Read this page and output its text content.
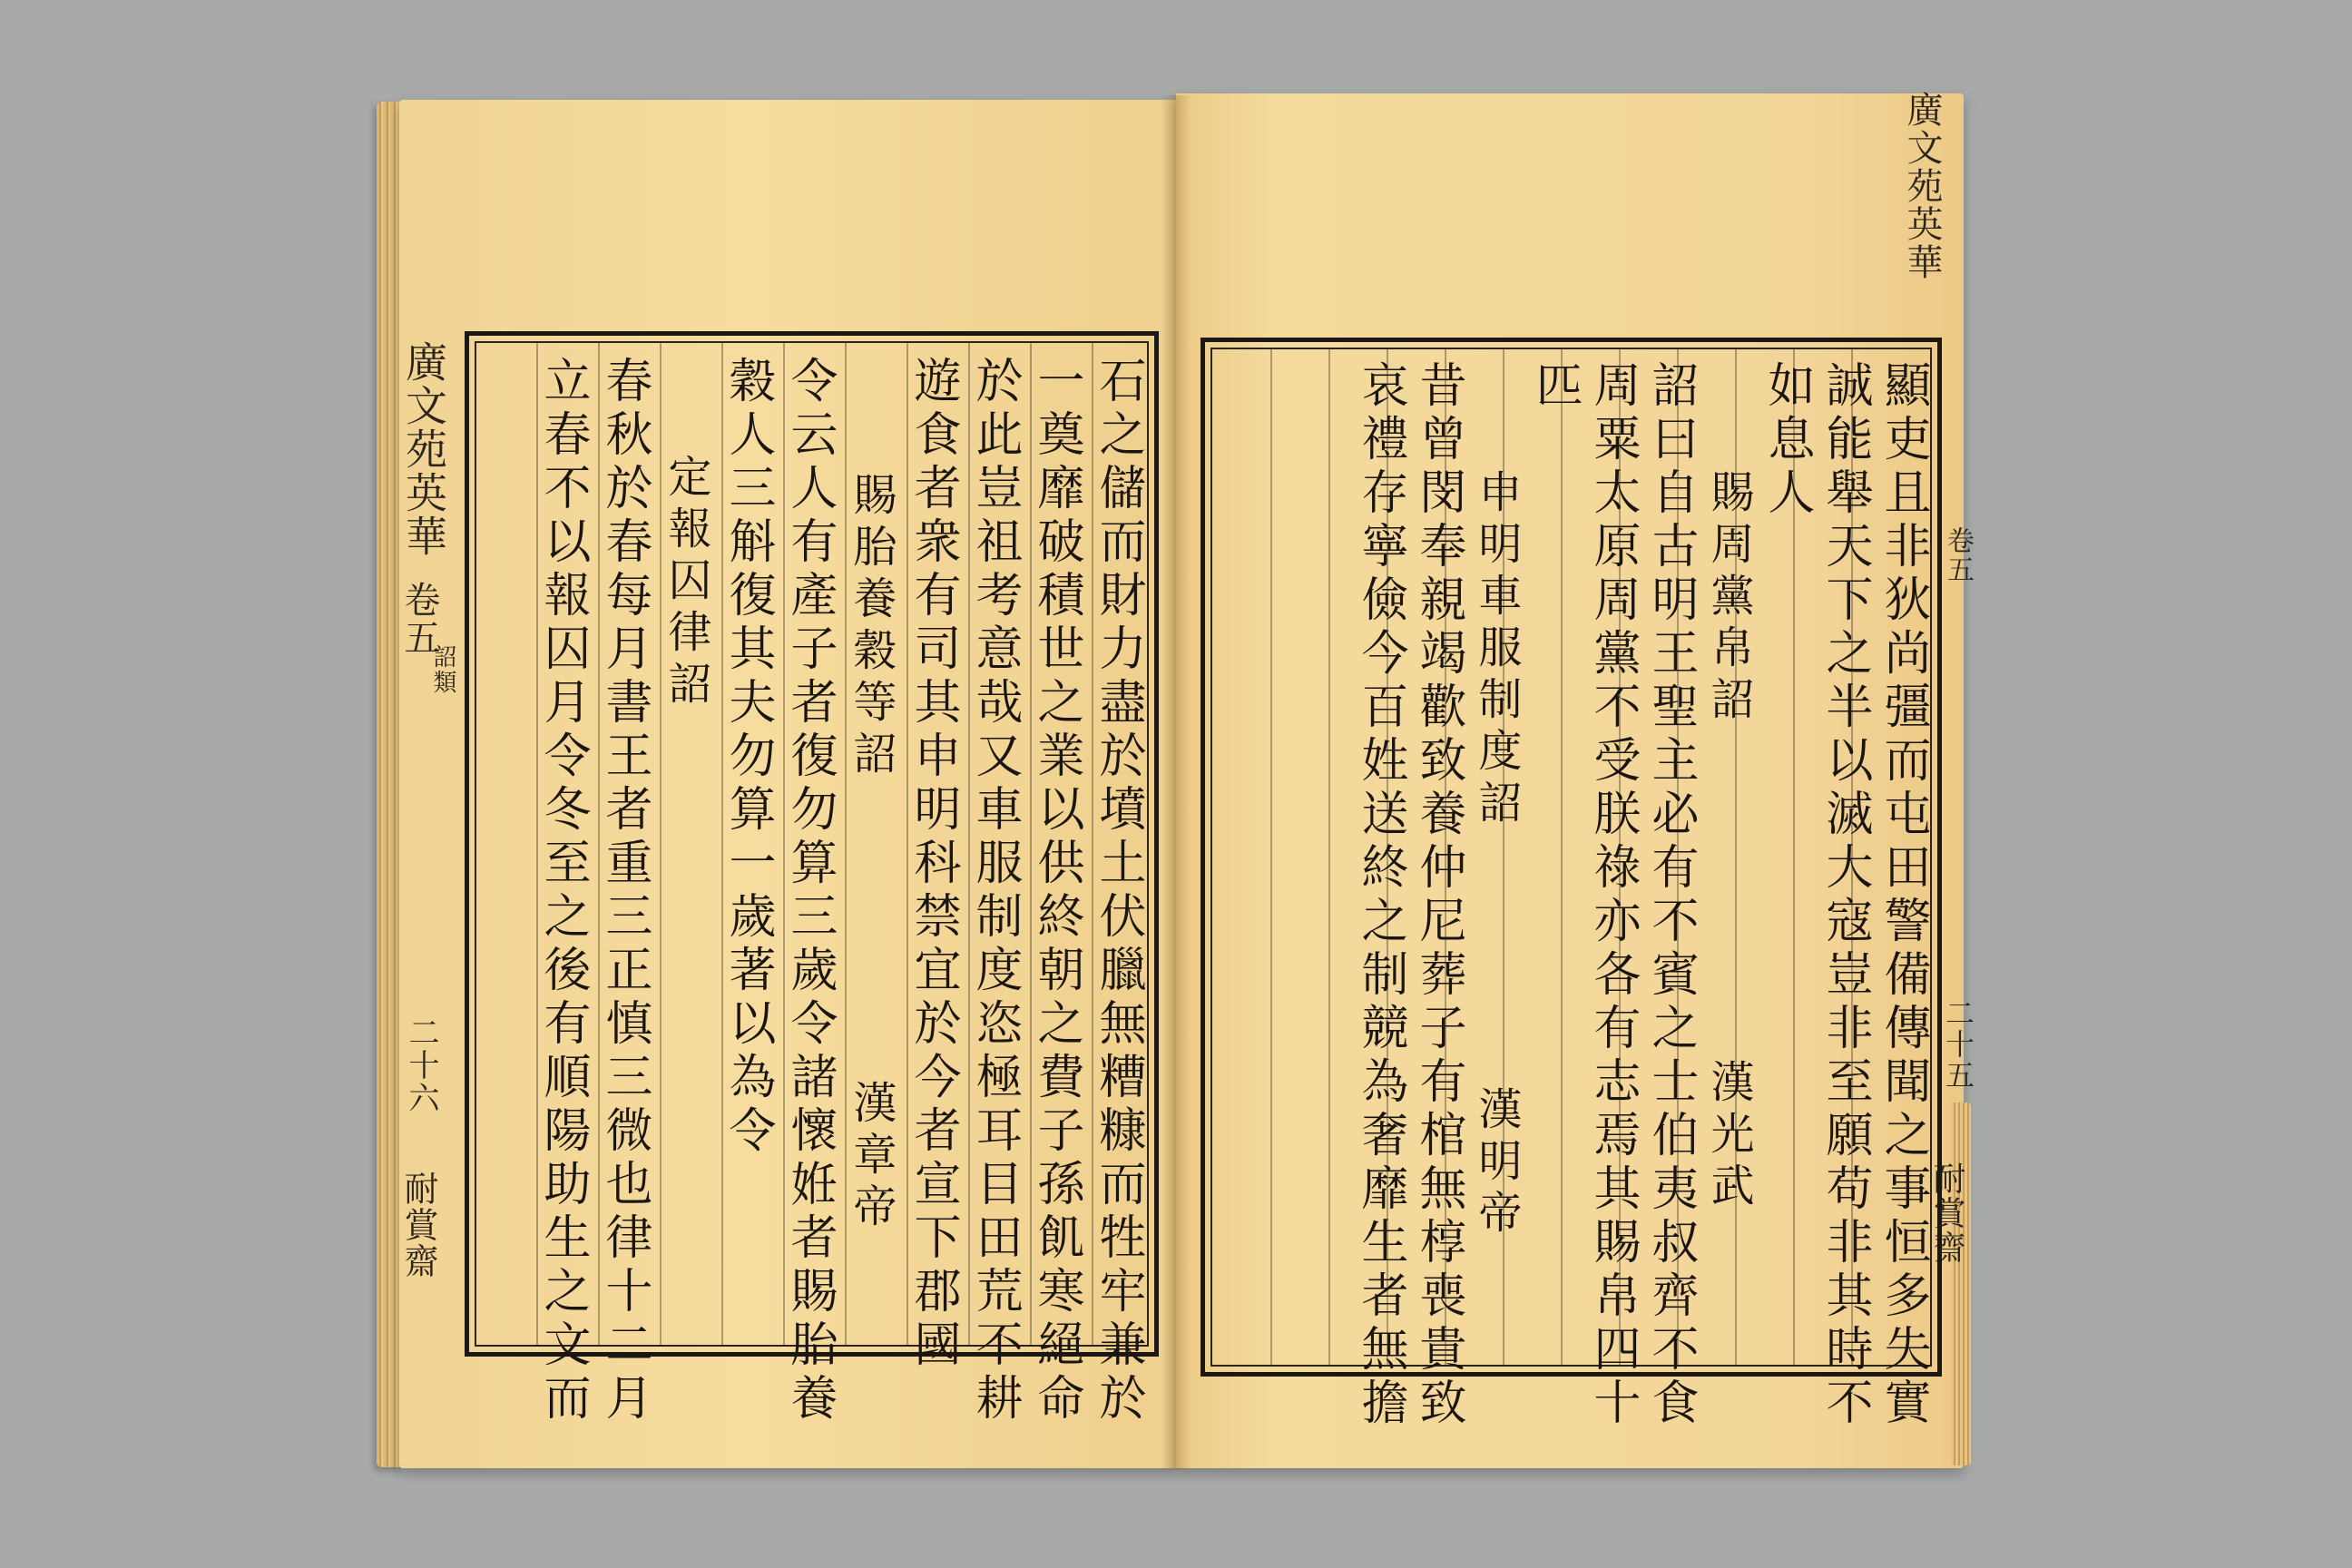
廣文苑英華
卷五
詔類
二十六
耐賞齋	石之儲而財力盡於墳土伏臘無糟糠而牲牢兼於
一奠靡破積世之業以供終朝之費子孫飢寒絕命
於此豈祖考意哉又車服制度恣極耳目田荒不耕
遊食者衆有司其申明科禁宜於今者宣下郡國
賜胎養穀等詔
漢章帝
令云人有產子者復勿算三歲令諸懷姙者賜胎養
穀人三斛復其夫勿算一歲著以為令
定報囚律詔
春秋於春每月書王者重三正慎三微也律十二月
立春不以報囚月令冬至之後有順陽助生之文而
廣文苑英華
卷五
二十五
耐賞齋
顯吏且非狄尚彊而屯田警備傳聞之事恒多失實
誠能舉天下之半以滅大寇豈非至願苟非其時不
如息人
賜周黨帛詔
漢光武
詔曰自古明王聖主必有不賓之士伯夷叔齊不食
周粟太原周黨不受朕祿亦各有志焉其賜帛四十
匹
申明車服制度詔
漢明帝
昔曾閔奉親竭歡致養仲尼葬子有棺無椁喪貴致
哀禮存寧儉今百姓送終之制競為奢靡生者無擔
